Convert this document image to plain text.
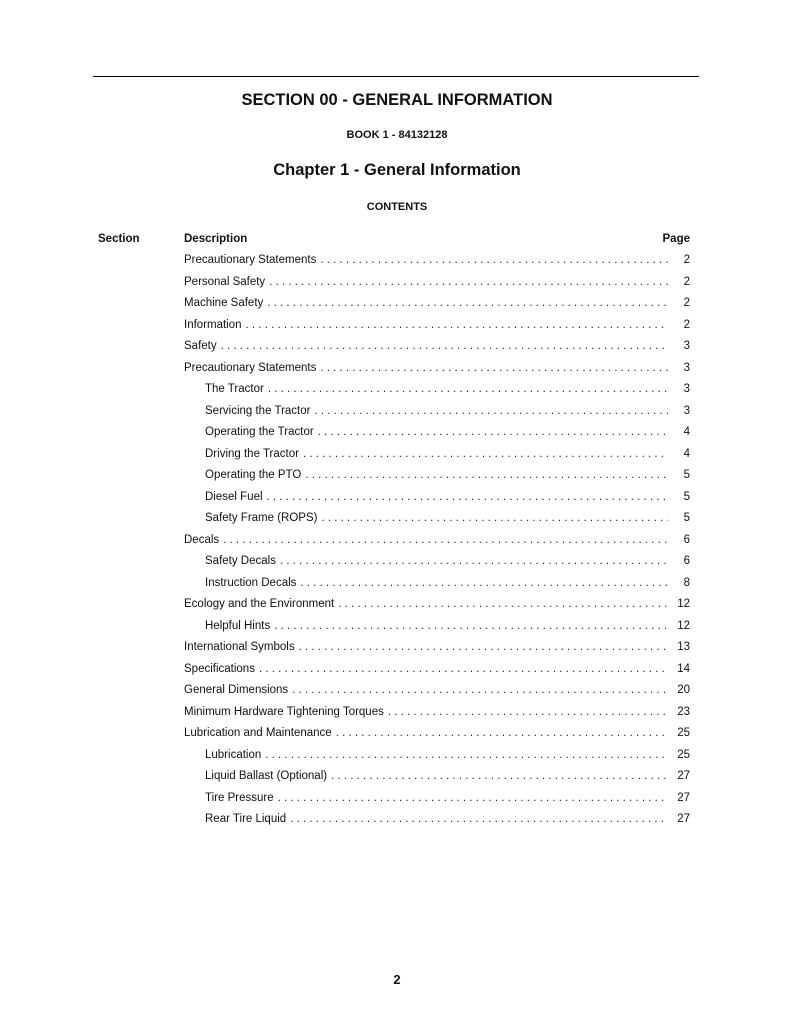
SECTION 00 - GENERAL INFORMATION
BOOK 1 - 84132128
Chapter 1 - General Information
CONTENTS
Section	Description	Page
Precautionary Statements . . .	2
Personal Safety . . .	2
Machine Safety . . .	2
Information . . .	2
Safety . . .	3
Precautionary Statements . . .	3
The Tractor . . .	3
Servicing the Tractor . . .	3
Operating the Tractor . . .	4
Driving the Tractor . . .	4
Operating the PTO . . .	5
Diesel Fuel . . .	5
Safety Frame (ROPS) . . .	5
Decals . . .	6
Safety Decals . . .	6
Instruction Decals . . .	8
Ecology and the Environment . . .	12
Helpful Hints . . .	12
International Symbols . . .	13
Specifications . . .	14
General Dimensions . . .	20
Minimum Hardware Tightening Torques . . .	23
Lubrication and Maintenance . . .	25
Lubrication . . .	25
Liquid Ballast (Optional) . . .	27
Tire Pressure . . .	27
Rear Tire Liquid . . .	27
2
